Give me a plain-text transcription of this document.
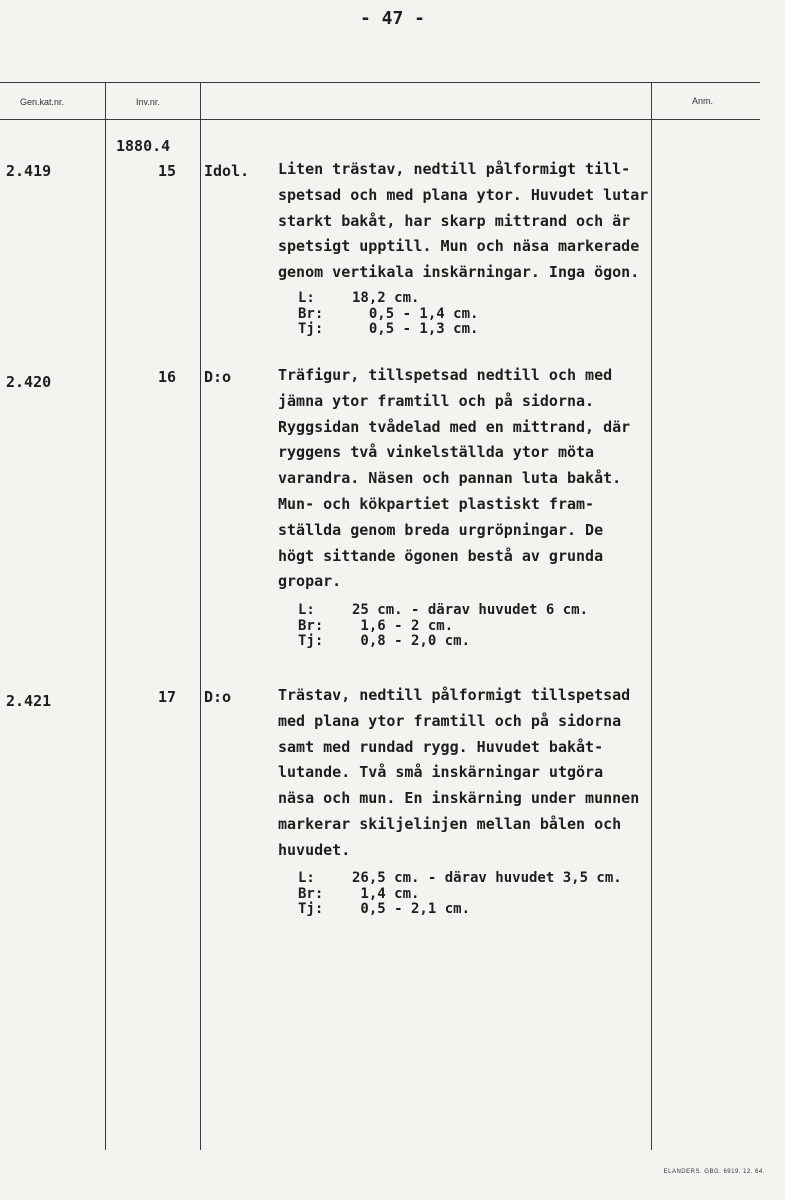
- 47 -
Gen.kat.nr.	Inv.nr.	Anm.
1880.4
2.419	15 Idol. Liten trästav, nedtill pålformigt till-
spetsad och med plana ytor. Huvudet lutar
starkt bakåt, har skarp mittrand och är
spetsigt upptill. Mun och näsa markerade
genom vertikala inskärningar. Inga ögon.
L:	18,2 cm.
Br:  0,5 - 1,4 cm.
Tj:  0,5 - 1,3 cm.
2.420	16 D:o	Träfigur, tillspetsad nedtill och med
jämna ytor framtill och på sidorna.
Ryggsidan tvådelad med en mittrand, där
ryggens två vinkelställda ytor möta
varandra. Näsen och pannan luta bakåt.
Mun- och kökpartiet plastiskt fram-
ställda genom breda urgröpningar. De
högt sittande ögonen bestå av grunda
gropar.
L:	25 cm. - därav huvudet 6 cm.
Br: 1,6 - 2 cm.
Tj: 0,8 - 2,0 cm.
2.421	17 D:o	Trästav, nedtill pålformigt tillspetsad
med plana ytor framtill och på sidorna
samt med rundad rygg. Huvudet bakåt-
lutande. Två små inskärningar utgöra
näsa och mun. En inskärning under munnen
markerar skiljelinjen mellan bålen och
huvudet.
L:	26,5 cm. - därav huvudet 3,5 cm.
Br: 1,4 cm.
Tj: 0,5 - 2,1 cm.
ELANDERS. GBG. 6919. 12. 64.
